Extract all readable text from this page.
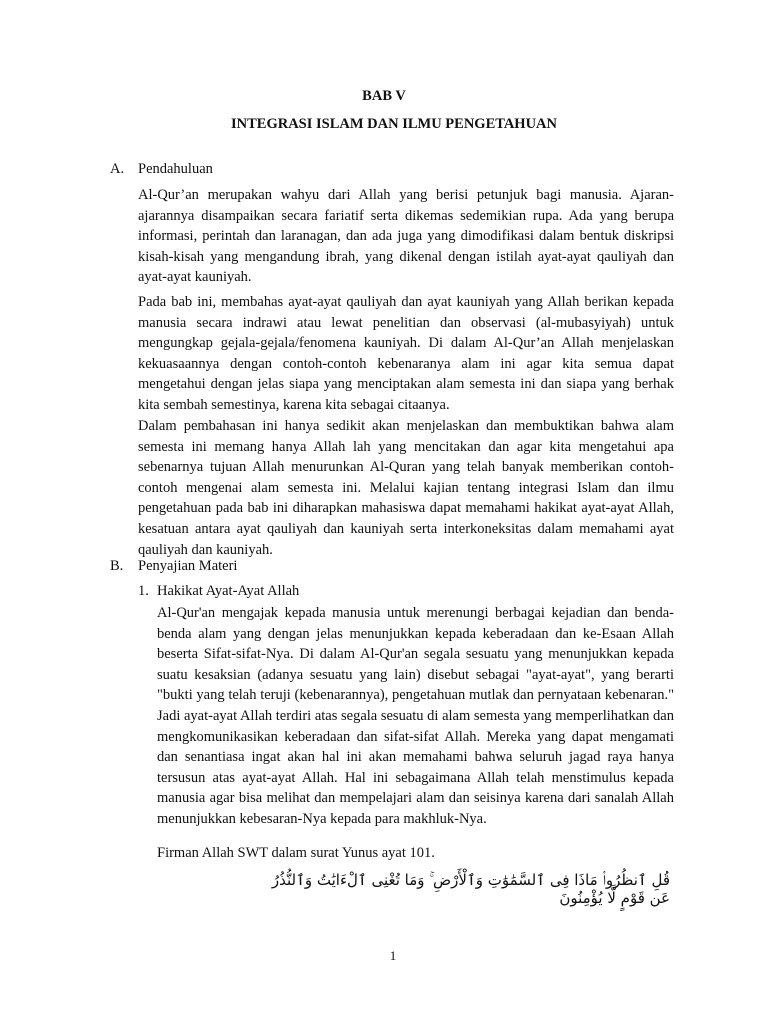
BAB V
INTEGRASI ISLAM DAN ILMU PENGETAHUAN
A. Pendahuluan

Al-Qur’an merupakan wahyu dari Allah yang berisi petunjuk bagi manusia. Ajaran-ajarannya disampaikan secara fariatif serta dikemas sedemikian rupa. Ada yang berupa informasi, perintah dan laranagan, dan ada juga yang dimodifikasi dalam bentuk diskripsi kisah-kisah yang mengandung ibrah, yang dikenal dengan istilah ayat-ayat qauliyah dan ayat-ayat kauniyah.

Pada bab ini, membahas ayat-ayat qauliyah dan ayat kauniyah yang Allah berikan kepada manusia secara indrawi atau lewat penelitian dan observasi (al-mubasyiyah) untuk mengungkap gejala-gejala/fenomena kauniyah. Di dalam Al-Qur’an Allah menjelaskan kekuasaannya dengan contoh-contoh kebenaranya alam ini agar kita semua dapat mengetahui dengan jelas siapa yang menciptakan alam semesta ini dan siapa yang berhak kita sembah semestinya, karena kita sebagai citaanya.

Dalam pembahasan ini hanya sedikit akan menjelaskan dan membuktikan bahwa alam semesta ini memang hanya Allah lah yang mencitakan dan agar kita mengetahui apa sebenarnya tujuan Allah menurunkan Al-Quran yang telah banyak memberikan contoh-contoh mengenai alam semesta ini. Melalui kajian tentang integrasi Islam dan ilmu pengetahuan pada bab ini diharapkan mahasiswa dapat memahami hakikat ayat-ayat Allah, kesatuan antara ayat qauliyah dan kauniyah serta interkoneksitas dalam memahami ayat qauliyah dan kauniyah.

B. Penyajian Materi
1. Hakikat Ayat-Ayat Allah

Al-Qur'an mengajak kepada manusia untuk merenungi berbagai kejadian dan benda-benda alam yang dengan jelas menunjukkan kepada keberadaan dan ke-Esaan Allah beserta Sifat-sifat-Nya. Di dalam Al-Qur'an segala sesuatu yang menunjukkan kepada suatu kesaksian (adanya sesuatu yang lain) disebut sebagai "ayat-ayat", yang berarti "bukti yang telah teruji (kebenarannya), pengetahuan mutlak dan pernyataan kebenaran." Jadi ayat-ayat Allah terdiri atas segala sesuatu di alam semesta yang memperlihatkan dan mengkomunikasikan keberadaan dan sifat-sifat Allah. Mereka yang dapat mengamati dan senantiasa ingat akan hal ini akan memahami bahwa seluruh jagad raya hanya tersusun atas ayat-ayat Allah. Hal ini sebagaimana Allah telah menstimulus kepada manusia agar bisa melihat dan mempelajari alam dan seisinya karena dari sanalah Allah menunjukkan kebesaran-Nya kepada para makhluk-Nya.

Firman Allah SWT dalam surat Yunus ayat 101.

قُلِ ٱنظُرُوا۟ مَاذَا فِى ٱلسَّمَٰوَٰتِ وَٱلْأَرْضِ ۚ وَمَا تُغْنِى ٱلْءَايَٰتُ وَٱلنُّذُرُ عَن قَوْمٍ لَّا يُؤْمِنُونَ
1
